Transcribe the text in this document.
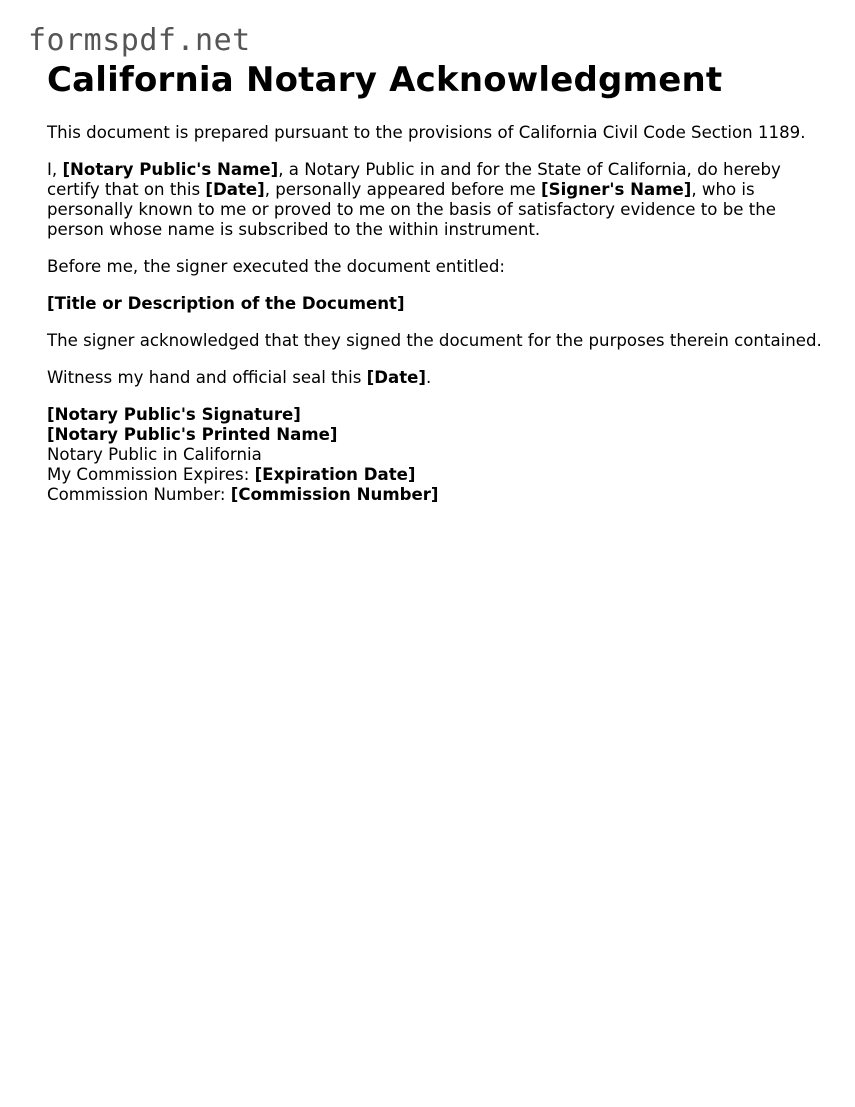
formspdf.net
California Notary Acknowledgment

This document is prepared pursuant to the provisions of California Civil Code Section 1189.

I, [Notary Public's Name], a Notary Public in and for the State of California, do hereby certify that on this [Date], personally appeared before me [Signer's Name], who is personally known to me or proved to me on the basis of satisfactory evidence to be the person whose name is subscribed to the within instrument.

Before me, the signer executed the document entitled:

[Title or Description of the Document]

The signer acknowledged that they signed the document for the purposes therein contained.

Witness my hand and official seal this [Date].

[Notary Public's Signature]
[Notary Public's Printed Name]
Notary Public in California
My Commission Expires: [Expiration Date]
Commission Number: [Commission Number]
